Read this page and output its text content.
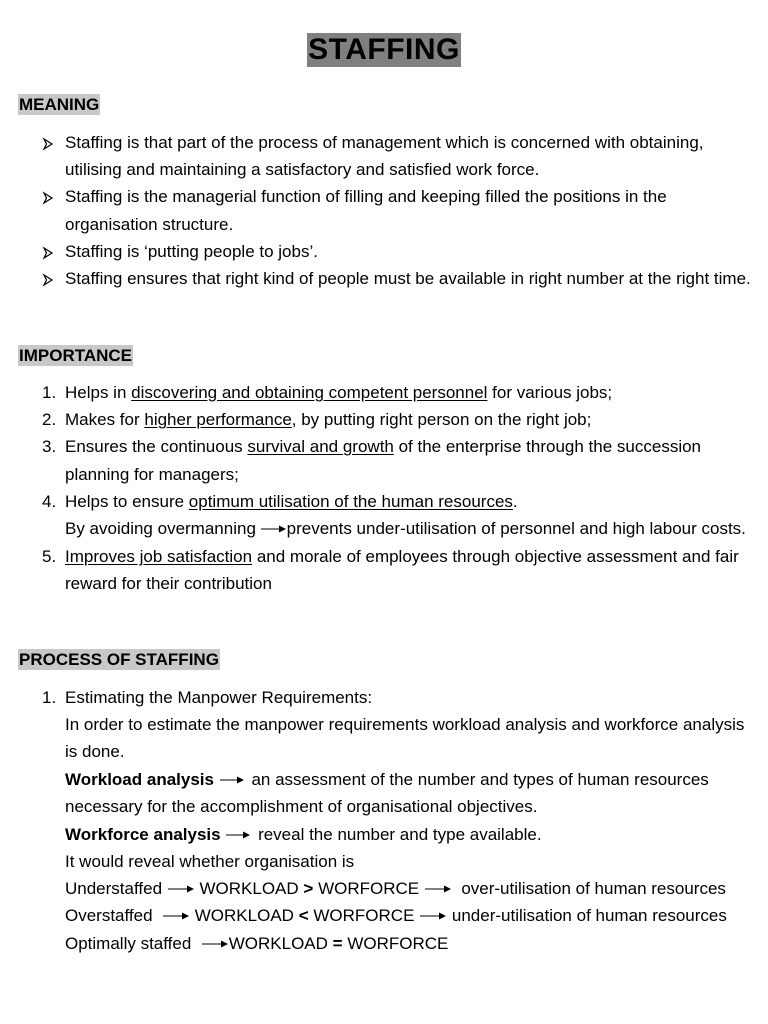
STAFFING
MEANING
Staffing is that part of the process of management which is concerned with obtaining,
utilising and maintaining a satisfactory and satisfied work force.
Staffing is the managerial function of filling and keeping filled the positions in the
organisation structure.
Staffing is ‘putting people to jobs’.
Staffing ensures that right kind of people must be available in right number at the right time.
IMPORTANCE
1. Helps in discovering and obtaining competent personnel for various jobs;
2. Makes for higher performance, by putting right person on the right job;
3. Ensures the continuous survival and growth of the enterprise through the succession
planning for managers;
4. Helps to ensure optimum utilisation of the human resources.
By avoiding overmanning prevents under-utilisation of personnel and high labour costs.
5. Improves job satisfaction and morale of employees through objective assessment and fair
reward for their contribution
PROCESS OF STAFFING
1. Estimating the Manpower Requirements:
In order to estimate the manpower requirements workload analysis and workforce analysis
is done.
Workload analysis an assessment of the number and types of human resources
necessary for the accomplishment of organisational objectives.
Workforce analysis reveal the number and type available.
It would reveal whether organisation is
Understaffed WORKLOAD > WORFORCE over-utilisation of human resources
Overstaffed WORKLOAD < WORFORCE under-utilisation of human resources
Optimally staffed WORKLOAD = WORFORCE
